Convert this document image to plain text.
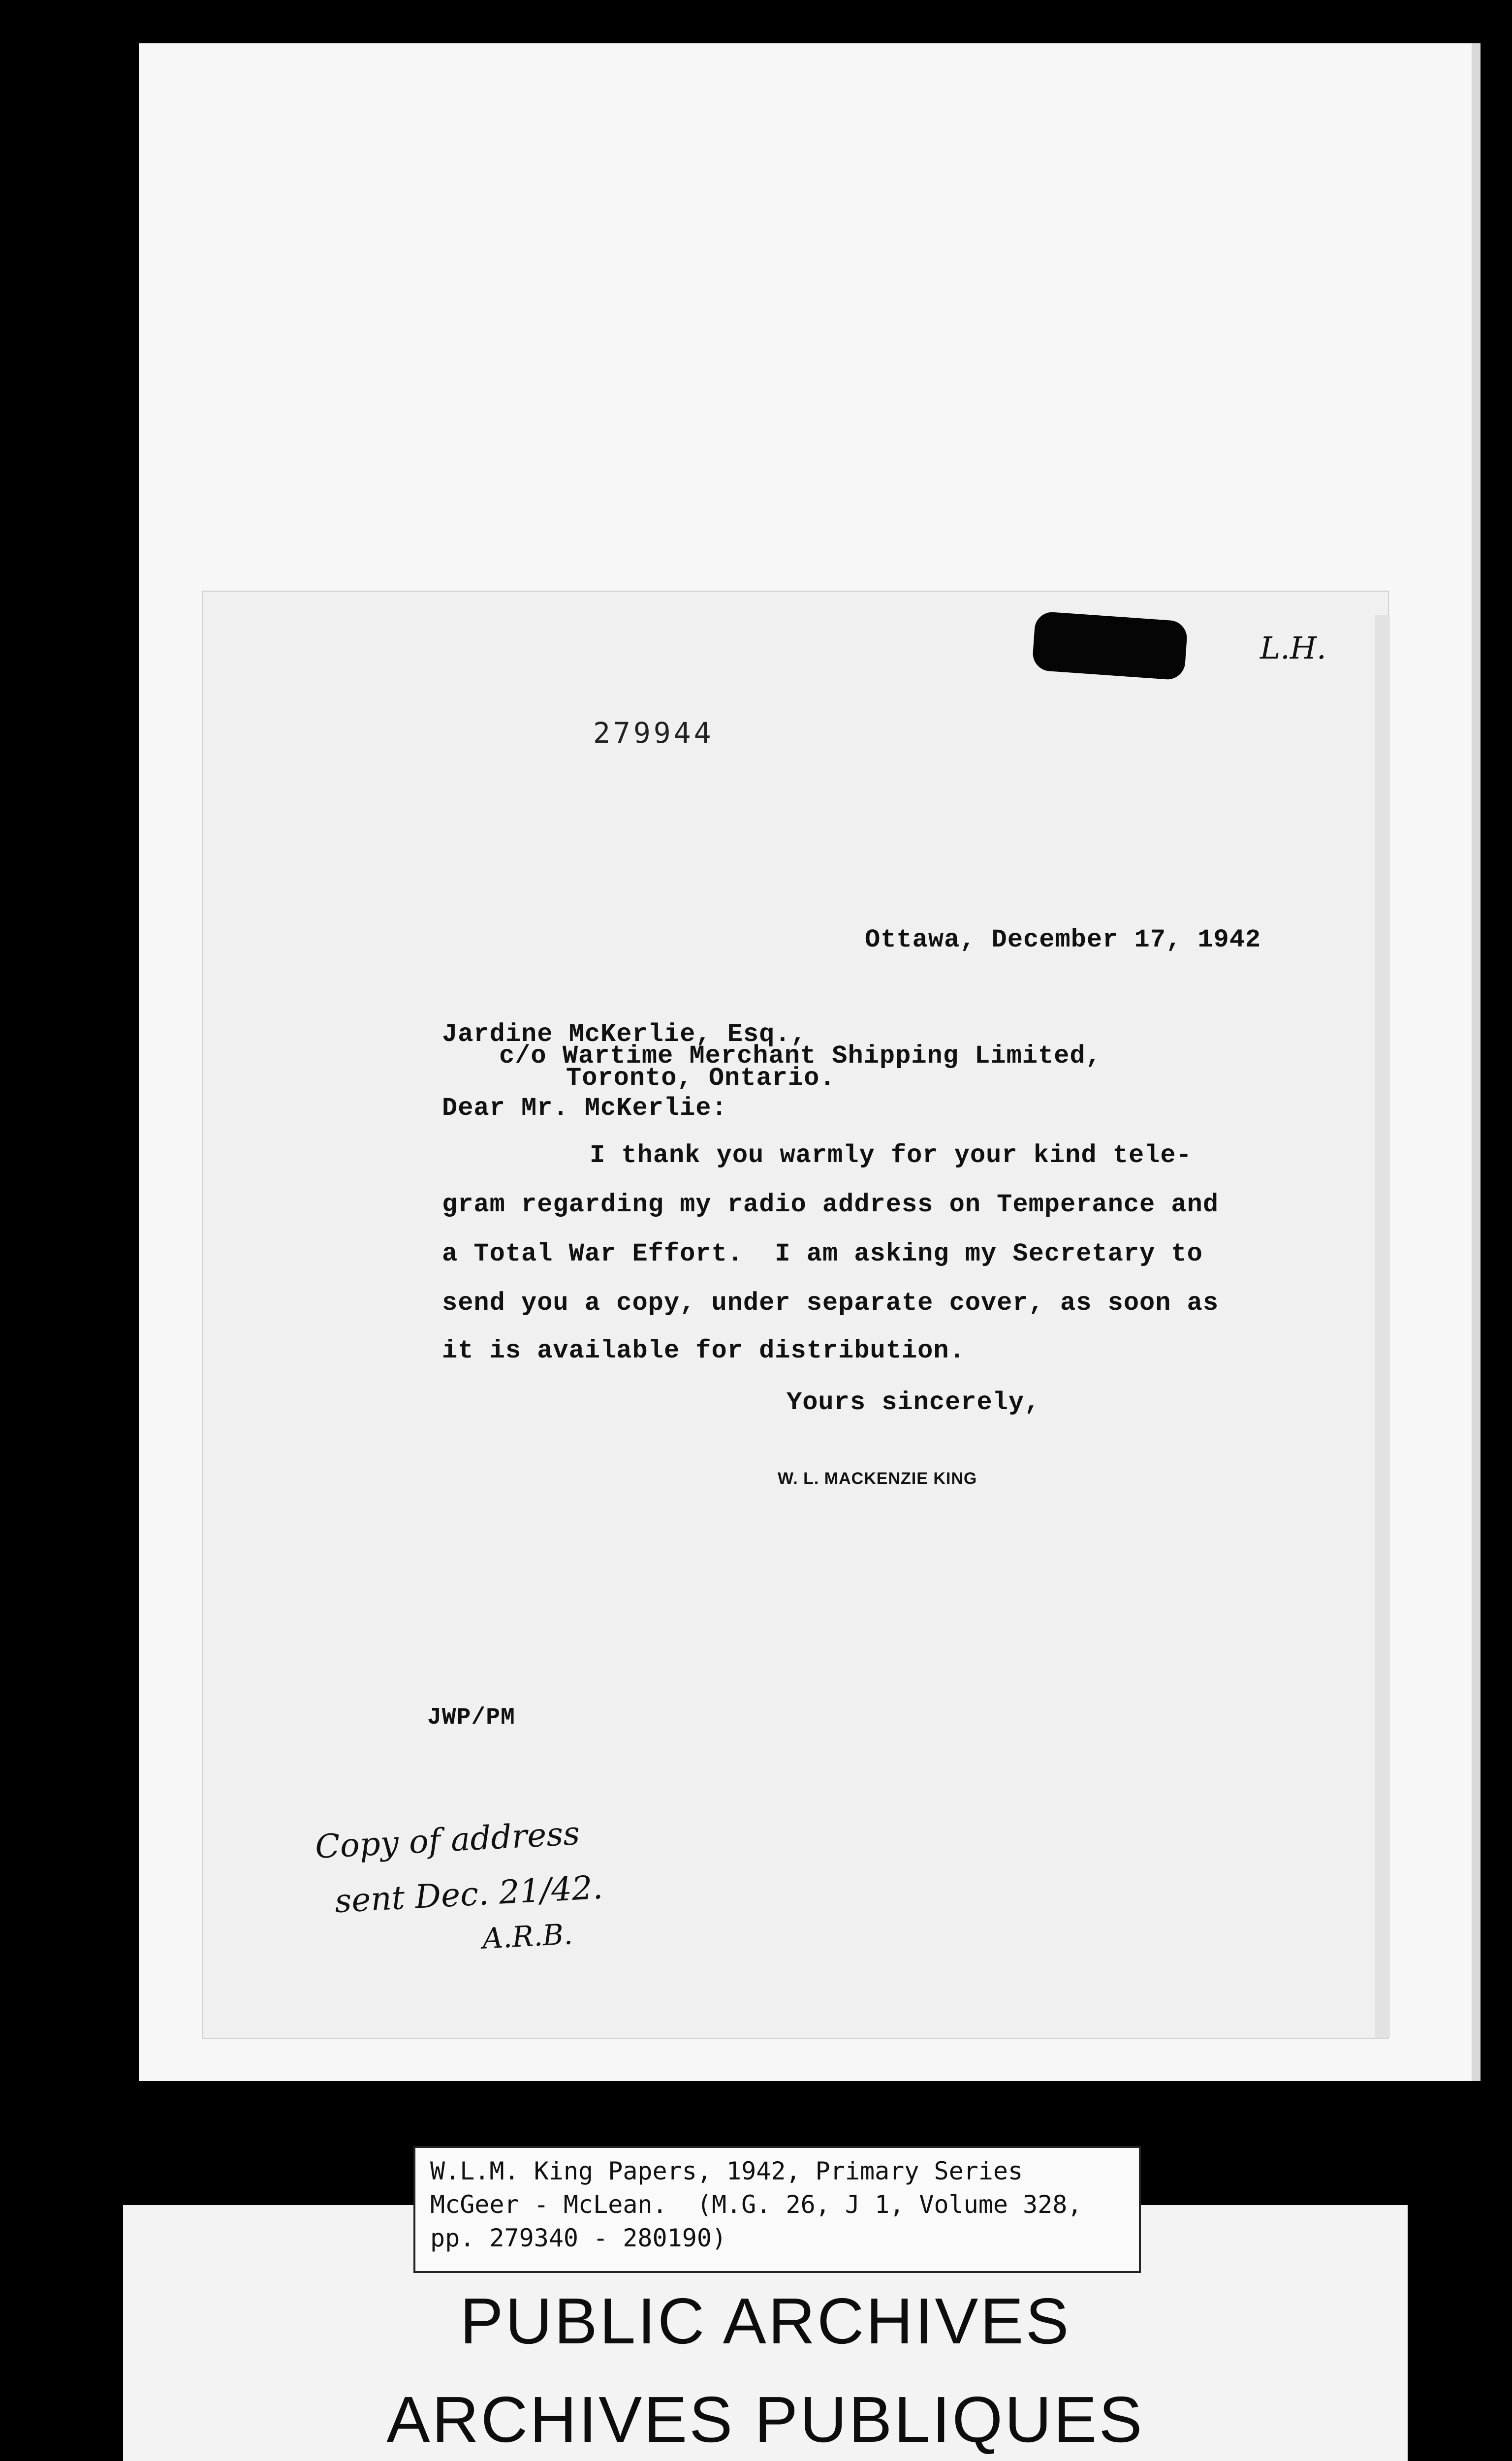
L.H.
279944
Ottawa, December 17, 1942
Jardine McKerlie, Esq.,
c/o Wartime Merchant Shipping Limited,
Toronto, Ontario.
Dear Mr. McKerlie:
I thank you warmly for your kind tele-
gram regarding my radio address on Temperance and
a Total War Effort.  I am asking my Secretary to
send you a copy, under separate cover, as soon as
it is available for distribution.
Yours sincerely,
W. L. MACKENZIE KING
JWP/PM
Copy of address
sent Dec. 21/42.
A.R.B.
PUBLIC ARCHIVES
ARCHIVES PUBLIQUES
W.L.M. King Papers, 1942, Primary Series
McGeer - McLean.  (M.G. 26, J 1, Volume 328,
pp. 279340 - 280190)
